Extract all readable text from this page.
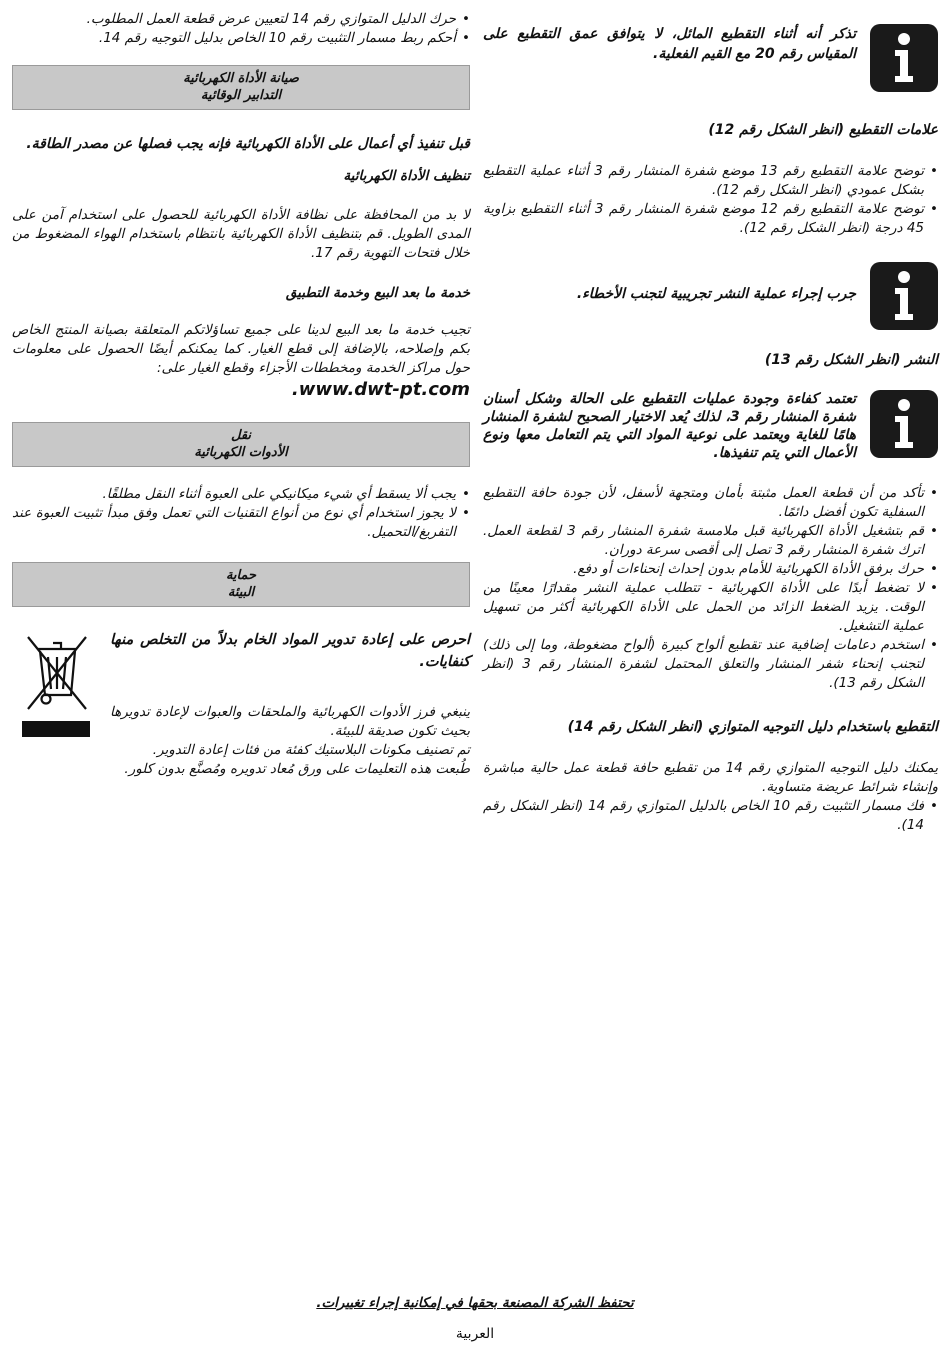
تذكر أنه أثناء التقطيع المائل، لا يتوافق عمق التقطيع على المقياس رقم 20 مع القيم الفعلية.

علامات التقطيع (انظر الشكل رقم 12)

• توضح علامة التقطيع رقم 13 موضع شفرة المنشار رقم 3 أثناء عملية التقطيع بشكل عمودي (انظر الشكل رقم 12).
• توضح علامة التقطيع رقم 12 موضع شفرة المنشار رقم 3 أثناء التقطيع بزاوية 45 درجة (انظر الشكل رقم 12).

جرب إجراء عملية النشر تجريبية لتجنب الأخطاء.

النشر (انظر الشكل رقم 13)

تعتمد كفاءة وجودة عمليات التقطيع على الحالة وشكل أسنان شفرة المنشار رقم 3، لذلك يُعد الاختيار الصحيح لشفرة المنشار هامًا للغاية ويعتمد على نوعية المواد التي يتم التعامل معها ونوع الأعمال التي يتم تنفيذها.

• تأكد من أن قطعة العمل مثبتة بأمان ومتجهة لأسفل، لأن جودة حافة التقطيع السفلية تكون أفضل دائمًا.
• قم بتشغيل الأداة الكهربائية قبل ملامسة شفرة المنشار رقم 3 لقطعة العمل. اترك شفرة المنشار رقم 3 تصل إلى أقصى سرعة دوران.
• حرك برفق الأداة الكهربائية للأمام بدون إحداث إنحناءات أو دفع.
• لا تضغط أبدًا على الأداة الكهربائية - تتطلب عملية النشر مقدارًا معينًا من الوقت. يزيد الضغط الزائد من الحمل على الأداة الكهربائية أكثر من تسهيل عملية التشغيل.
• استخدم دعامات إضافية عند تقطيع ألواح كبيرة (ألواح مضغوطة، وما إلى ذلك) لتجنب إنحناء شفر المنشار والتعلق المحتمل لشفرة المنشار رقم 3 (انظر الشكل رقم 13).

التقطيع باستخدام دليل التوجيه المتوازي (انظر الشكل رقم 14)

يمكنك دليل التوجيه المتوازي رقم 14 من تقطيع حافة قطعة عمل حالية مباشرة وإنشاء شرائط عريضة متساوية.

• فك مسمار التثبيت رقم 10 الخاص بالدليل المتوازي رقم 14 (انظر الشكل رقم 14).
• حرك الدليل المتوازي رقم 14 لتعيين عرض قطعة العمل المطلوب.
• أحكم ربط مسمار التثبيت رقم 10 الخاص بدليل التوجيه رقم 14.
صيانة الأداة الكهربائية
التدابير الوقائية

قبل تنفيذ أي أعمال على الأداة الكهربائية فإنه يجب فصلها عن مصدر الطاقة.

تنظيف الأداة الكهربائية

لا بد من المحافظة على نظافة الأداة الكهربائية للحصول على استخدام آمن على المدى الطويل. قم بتنظيف الأداة الكهربائية بانتظام باستخدام الهواء المضغوط من خلال فتحات التهوية رقم 17.

خدمة ما بعد البيع وخدمة التطبيق

تجيب خدمة ما بعد البيع لدينا على جميع تساؤلاتكم المتعلقة بصيانة المنتج الخاص بكم وإصلاحه، بالإضافة إلى قطع الغيار. كما يمكنكم أيضًا الحصول على معلومات حول مراكز الخدمة ومخططات الأجزاء وقطع الغيار على:

.www.dwt-pt.com

نقل
الأدوات الكهربائية
• يجب ألا يسقط أي شيء ميكانيكي على العبوة أثناء النقل مطلقًا.
• لا يجوز استخدام أي نوع من أنواع التقنيات التي تعمل وفق مبدأ تثبيت العبوة عند التفريغ/التحميل.
حماية
البيئة

احرص على إعادة تدوير المواد الخام بدلاً من التخلص منها كنفايات.

ينبغي فرز الأدوات الكهربائية والملحقات والعبوات لإعادة تدويرها بحيث تكون صديقة للبيئة.

تم تصنيف مكونات البلاستيك كفئة من فئات إعادة التدوير.

طُبعت هذه التعليمات على ورق مُعاد تدويره ومُصنَّع بدون كلور.

تحتفظ الشركة المصنعة بحقها في إمكانية إجراء تغييرات.

العربية
